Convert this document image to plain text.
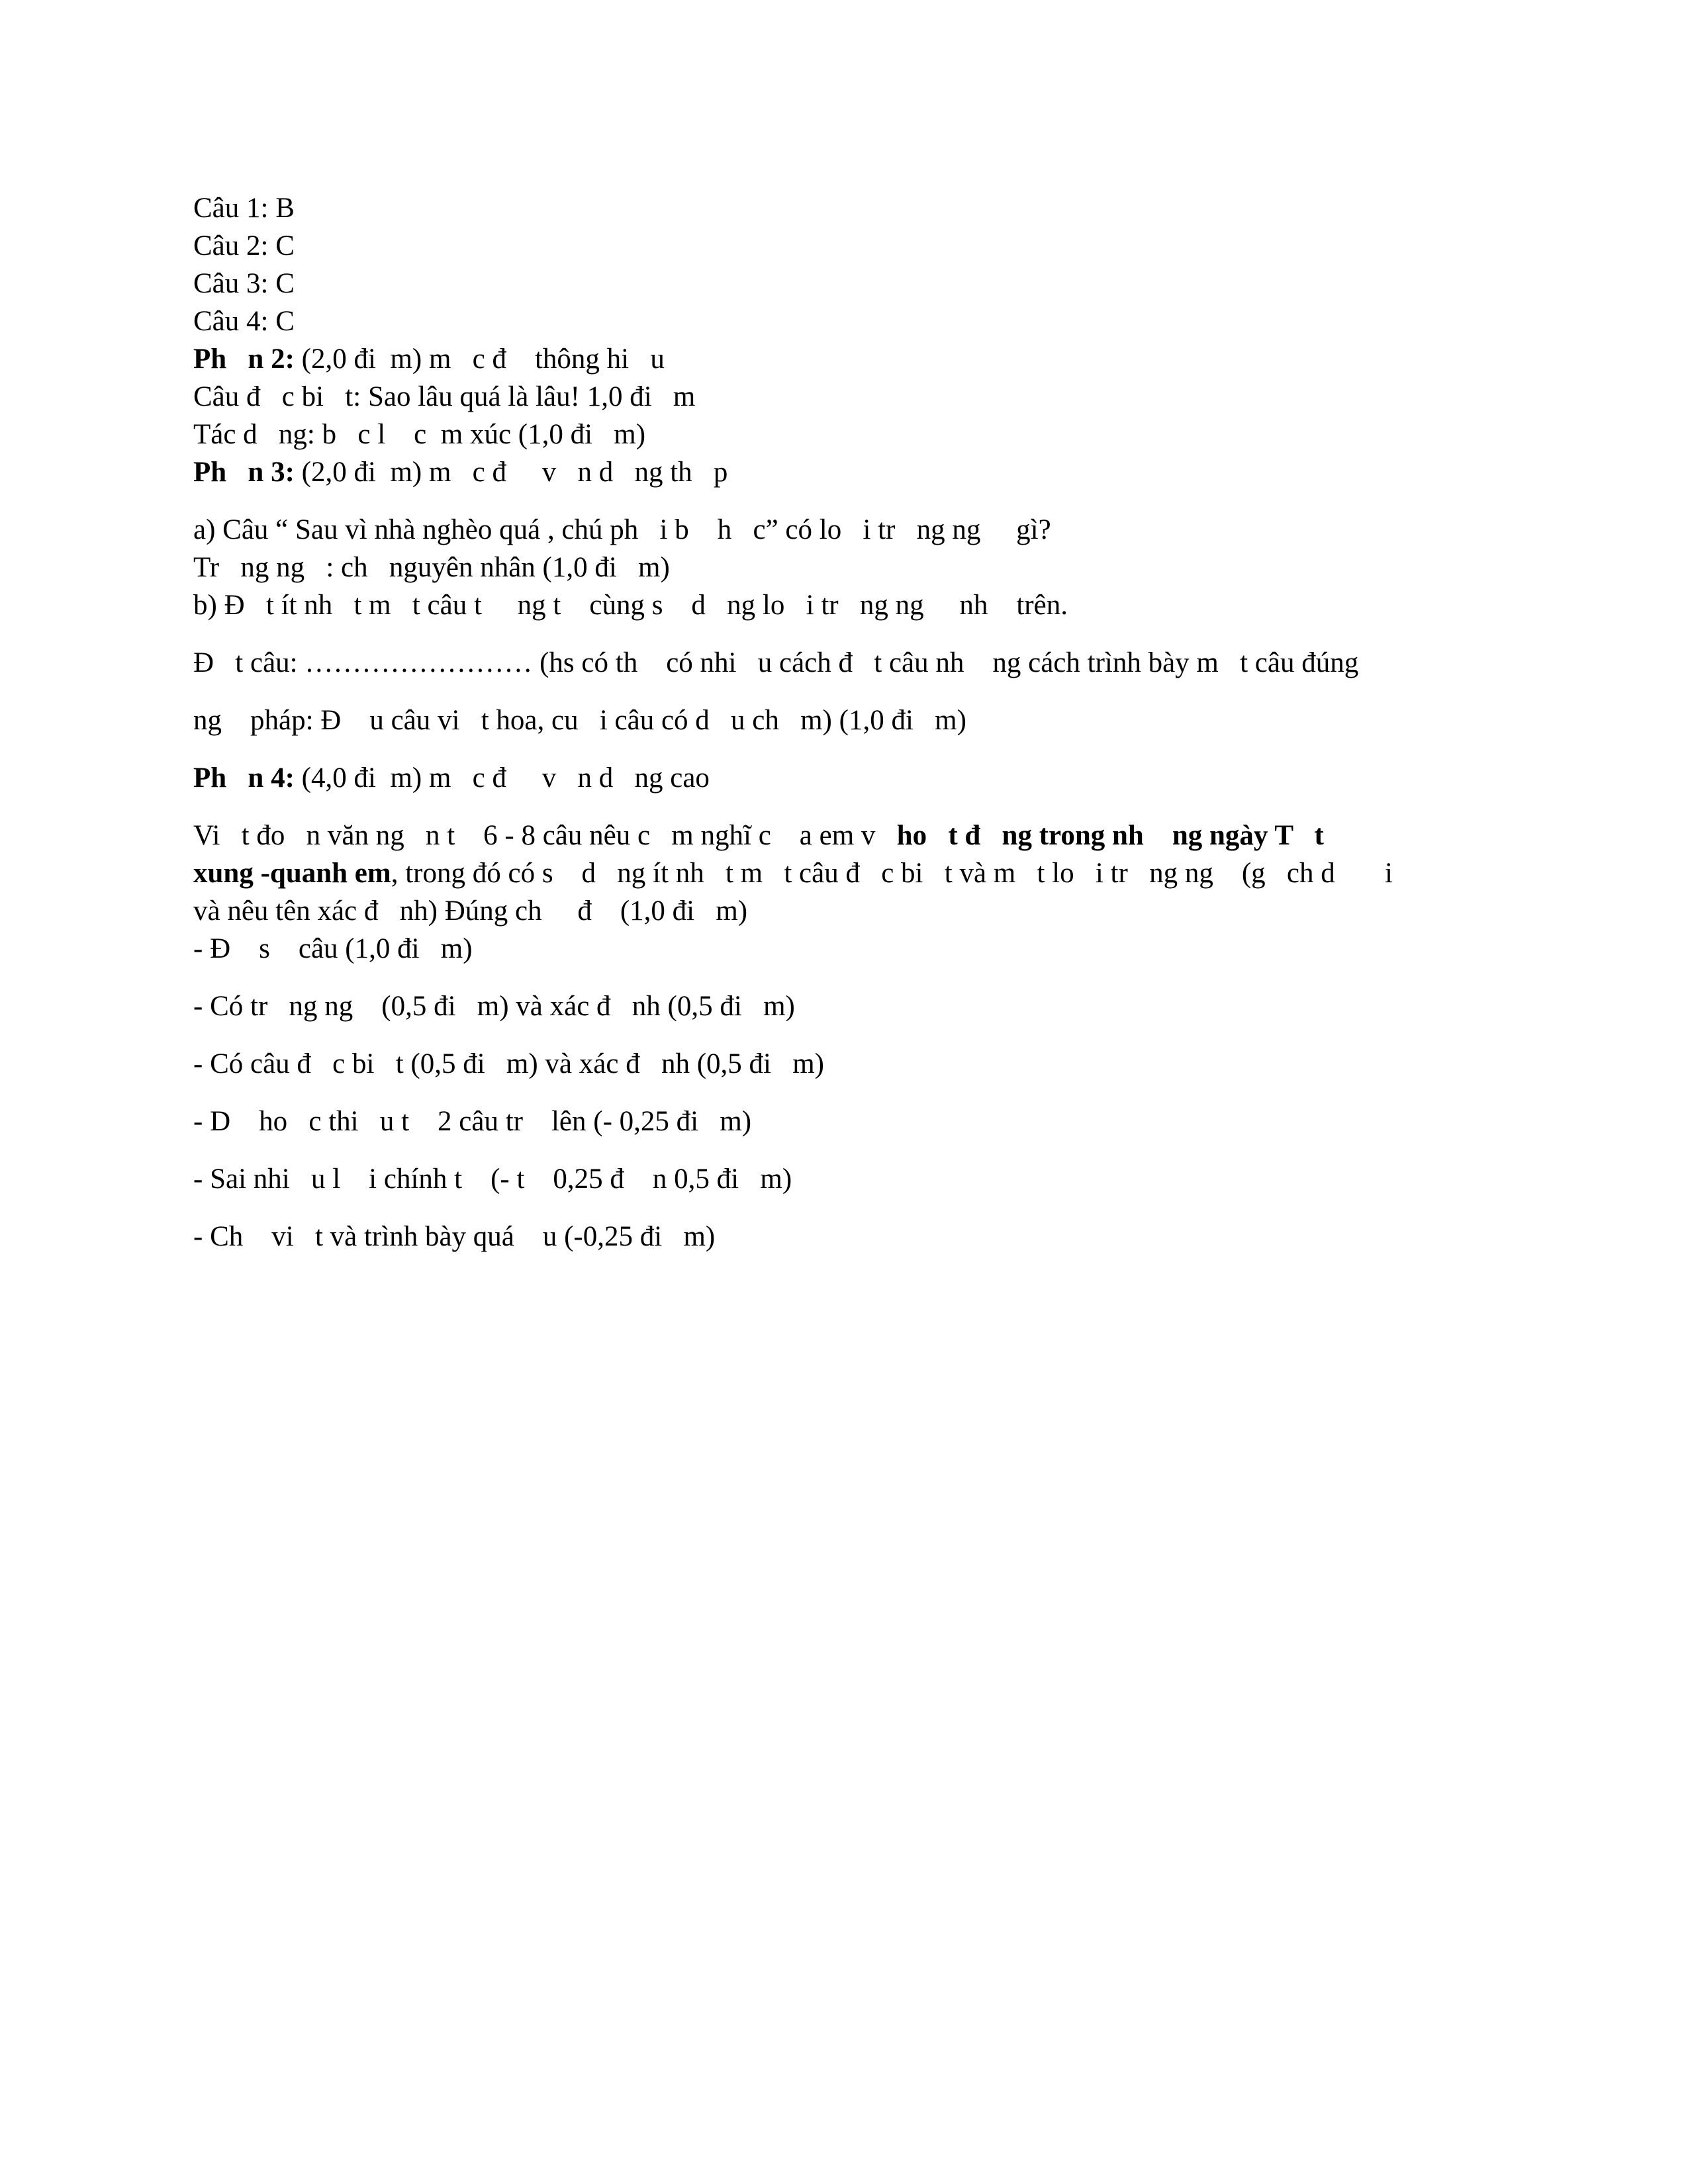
Câu 1: B
Câu 2: C
Câu 3: C
Câu 4: C
Ph   n 2: (2,0 đi  m) m   c đ    thông hi   u
Câu đ   c bi   t: Sao lâu quá là lâu! 1,0 đi   m
Tác d   ng: b   c l    c  m xúc (1,0 đi   m)
Ph   n 3: (2,0 đi  m) m   c đ     v   n d   ng th   p
a) Câu “ Sau vì nhà nghèo quá , chú ph   i b    h   c” có lo   i tr   ng ng     gì?
Tr   ng ng   : ch   nguyên nhân (1,0 đi   m)
b) Đ   t ít nh   t m   t câu t     ng t    cùng s    d   ng lo   i tr   ng ng     nh    trên.
Đ   t câu: …………………… (hs có th    có nhi   u cách đ   t câu nh    ng cách trình bày m   t câu đúng
ng    pháp: Đ    u câu vi   t hoa, cu   i câu có d   u ch   m) (1,0 đi   m)
Ph   n 4: (4,0 đi  m) m   c đ     v   n d   ng cao
Vi   t đo   n văn ng   n t    6 - 8 câu nêu c   m nghĩ c    a em v   ho   t đ   ng trong nh    ng ngày T   t
xung -quanh em, trong đó có s    d   ng ít nh   t m   t câu đ   c bi   t và m   t lo   i tr   ng ng    (g   ch d       i
và nêu tên xác đ   nh) Đúng ch     đ    (1,0 đi   m)
- Đ    s    câu (1,0 đi   m)
- Có tr   ng ng    (0,5 đi   m) và xác đ   nh (0,5 đi   m)
- Có câu đ   c bi   t (0,5 đi   m) và xác đ   nh (0,5 đi   m)
- D    ho   c thi   u t    2 câu tr    lên (- 0,25 đi   m)
- Sai nhi   u l    i chính t    (- t    0,25 đ    n 0,5 đi   m)
- Ch    vi   t và trình bày quá    u (-0,25 đi   m)
